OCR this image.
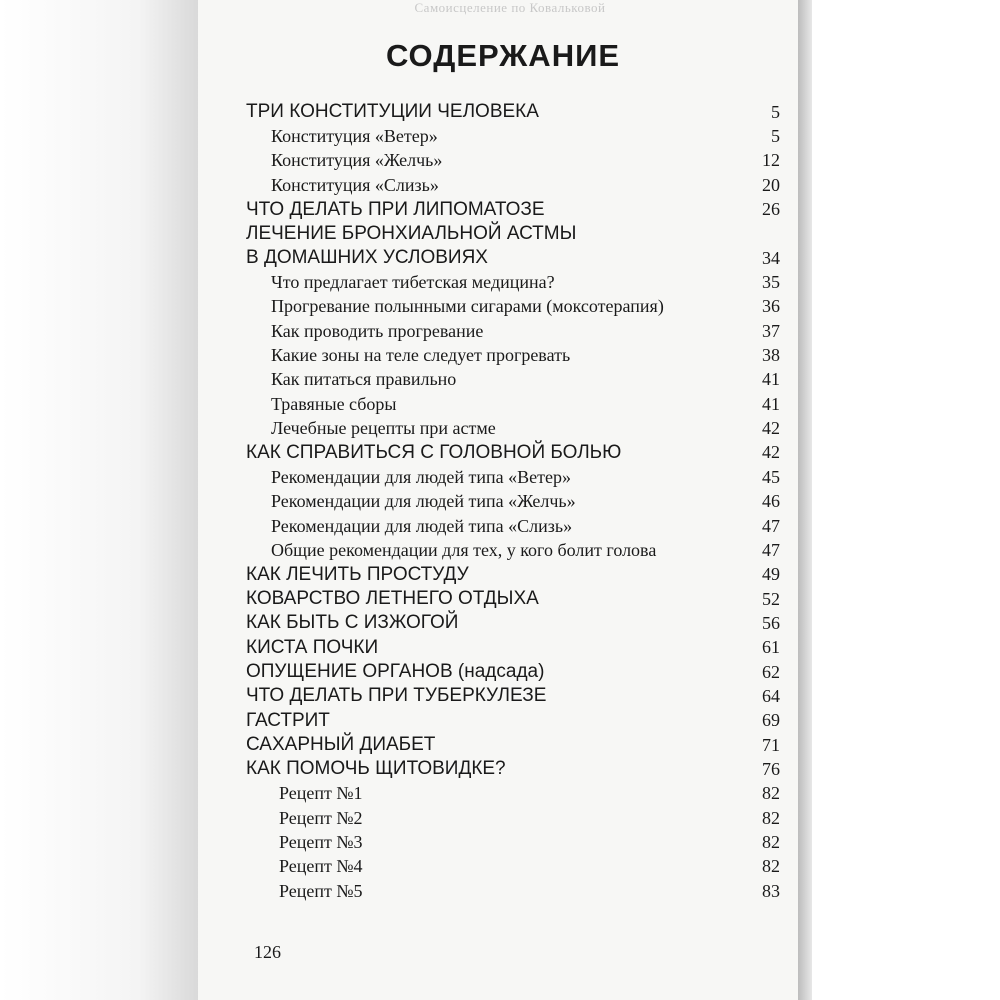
Самоисцеление по Ковальковой
СОДЕРЖАНИЕ
ТРИ КОНСТИТУЦИИ ЧЕЛОВЕКА	5
Конституция «Ветер»	5
Конституция «Желчь»	12
Конституция «Слизь»	20
ЧТО ДЕЛАТЬ ПРИ ЛИПОМАТОЗЕ	26
ЛЕЧЕНИЕ БРОНХИАЛЬНОЙ АСТМЫ
В ДОМАШНИХ УСЛОВИЯХ	34
Что предлагает тибетская медицина?	35
Прогревание полынными сигарами (моксотерапия)	36
Как проводить прогревание	37
Какие зоны на теле следует прогревать	38
Как питаться правильно	41
Травяные сборы	41
Лечебные рецепты при астме	42
КАК СПРАВИТЬСЯ С ГОЛОВНОЙ БОЛЬЮ	42
Рекомендации для людей типа «Ветер»	45
Рекомендации для людей типа «Желчь»	46
Рекомендации для людей типа «Слизь»	47
Общие рекомендации для тех, у кого болит голова	47
КАК ЛЕЧИТЬ ПРОСТУДУ	49
КОВАРСТВО ЛЕТНЕГО ОТДЫХА	52
КАК БЫТЬ С ИЗЖОГОЙ	56
КИСТА ПОЧКИ	61
ОПУЩЕНИЕ ОРГАНОВ (надсада)	62
ЧТО ДЕЛАТЬ ПРИ ТУБЕРКУЛЕЗЕ	64
ГАСТРИТ	69
САХАРНЫЙ ДИАБЕТ	71
КАК ПОМОЧЬ ЩИТОВИДКЕ?	76
Рецепт №1	82
Рецепт №2	82
Рецепт №3	82
Рецепт №4	82
Рецепт №5	83
126
